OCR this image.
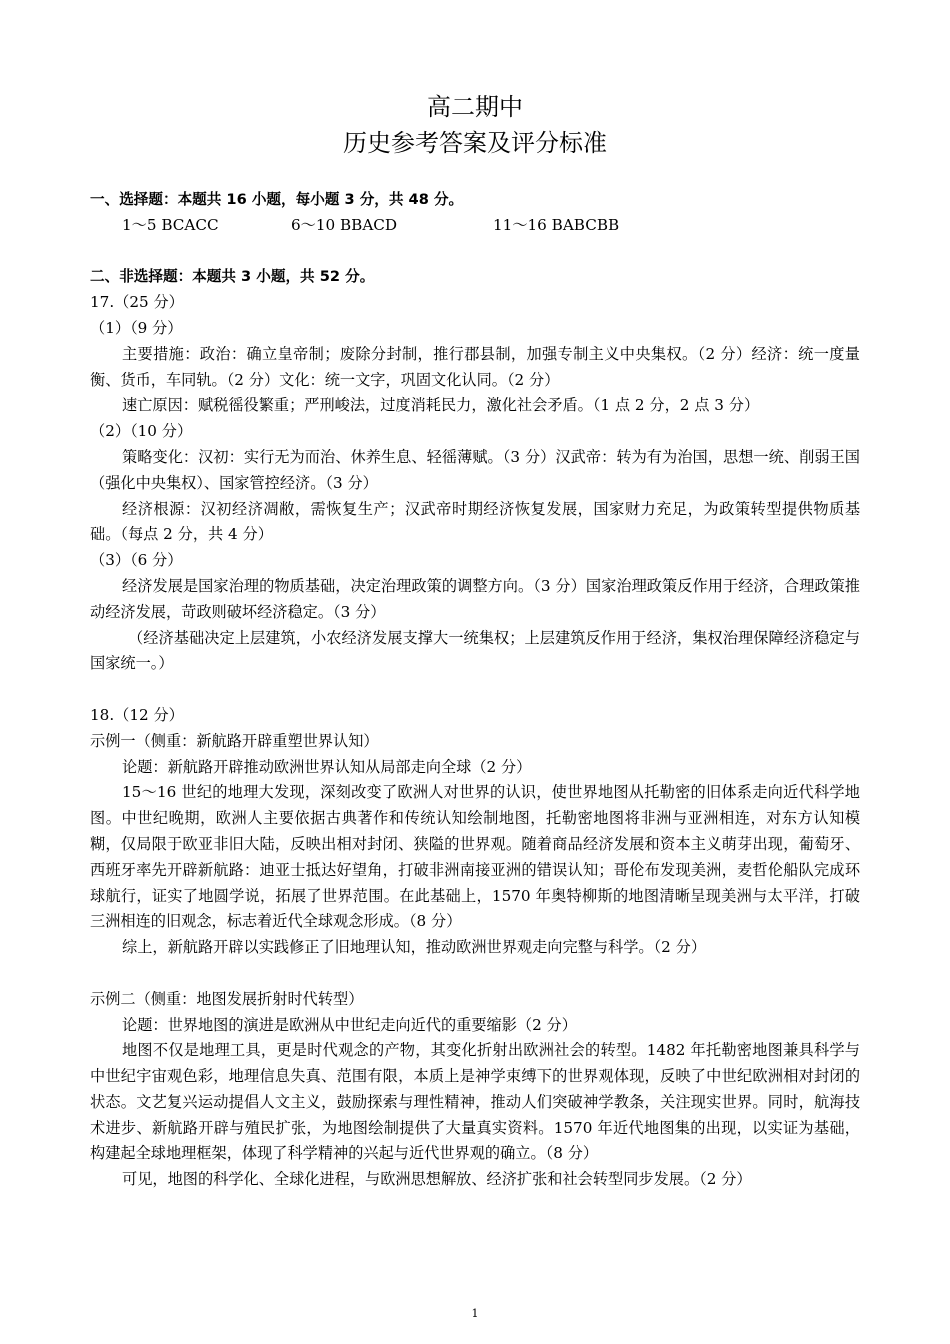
高二期中
历史参考答案及评分标准
一、选择题：本题共 16 小题，每小题 3 分，共 48 分。
1～5 BCACC	6～10 BBACD	11～16 BABCBB
二、非选择题：本题共 3 小题，共 52 分。
17.（25 分）
（1）（9 分）
主要措施：政治：确立皇帝制；废除分封制，推行郡县制，加强专制主义中央集权。（2 分）经济：统一度量衡、货币，车同轨。（2 分）文化：统一文字，巩固文化认同。（2 分）
速亡原因：赋税徭役繁重；严刑峻法，过度消耗民力，激化社会矛盾。（1 点 2 分，2 点 3 分）
（2）（10 分）
策略变化：汉初：实行无为而治、休养生息、轻徭薄赋。（3 分）汉武帝：转为有为治国，思想一统、削弱王国（强化中央集权）、国家管控经济。（3 分）
经济根源：汉初经济凋敝，需恢复生产；汉武帝时期经济恢复发展，国家财力充足，为政策转型提供物质基础。（每点 2 分，共 4 分）
（3）（6 分）
经济发展是国家治理的物质基础，决定治理政策的调整方向。（3 分）国家治理政策反作用于经济，合理政策推动经济发展，苛政则破坏经济稳定。（3 分）
（经济基础决定上层建筑，小农经济发展支撑大一统集权；上层建筑反作用于经济，集权治理保障经济稳定与国家统一。）
18.（12 分）
示例一（侧重：新航路开辟重塑世界认知）
论题：新航路开辟推动欧洲世界认知从局部走向全球（2 分）
15～16 世纪的地理大发现，深刻改变了欧洲人对世界的认识，使世界地图从托勒密的旧体系走向近代科学地图。中世纪晚期，欧洲人主要依据古典著作和传统认知绘制地图，托勒密地图将非洲与亚洲相连，对东方认知模糊，仅局限于欧亚非旧大陆，反映出相对封闭、狭隘的世界观。随着商品经济发展和资本主义萌芽出现，葡萄牙、西班牙率先开辟新航路：迪亚士抵达好望角，打破非洲南接亚洲的错误认知；哥伦布发现美洲，麦哲伦船队完成环球航行，证实了地圆学说，拓展了世界范围。在此基础上，1570 年奥特柳斯的地图清晰呈现美洲与太平洋，打破三洲相连的旧观念，标志着近代全球观念形成。（8 分）
综上，新航路开辟以实践修正了旧地理认知，推动欧洲世界观走向完整与科学。（2 分）
示例二（侧重：地图发展折射时代转型）
论题：世界地图的演进是欧洲从中世纪走向近代的重要缩影（2 分）
地图不仅是地理工具，更是时代观念的产物，其变化折射出欧洲社会的转型。1482 年托勒密地图兼具科学与中世纪宇宙观色彩，地理信息失真、范围有限，本质上是神学束缚下的世界观体现，反映了中世纪欧洲相对封闭的状态。文艺复兴运动提倡人文主义，鼓励探索与理性精神，推动人们突破神学教条，关注现实世界。同时，航海技术进步、新航路开辟与殖民扩张，为地图绘制提供了大量真实资料。1570 年近代地图集的出现，以实证为基础，构建起全球地理框架，体现了科学精神的兴起与近代世界观的确立。（8 分）
可见，地图的科学化、全球化进程，与欧洲思想解放、经济扩张和社会转型同步发展。（2 分）
1
